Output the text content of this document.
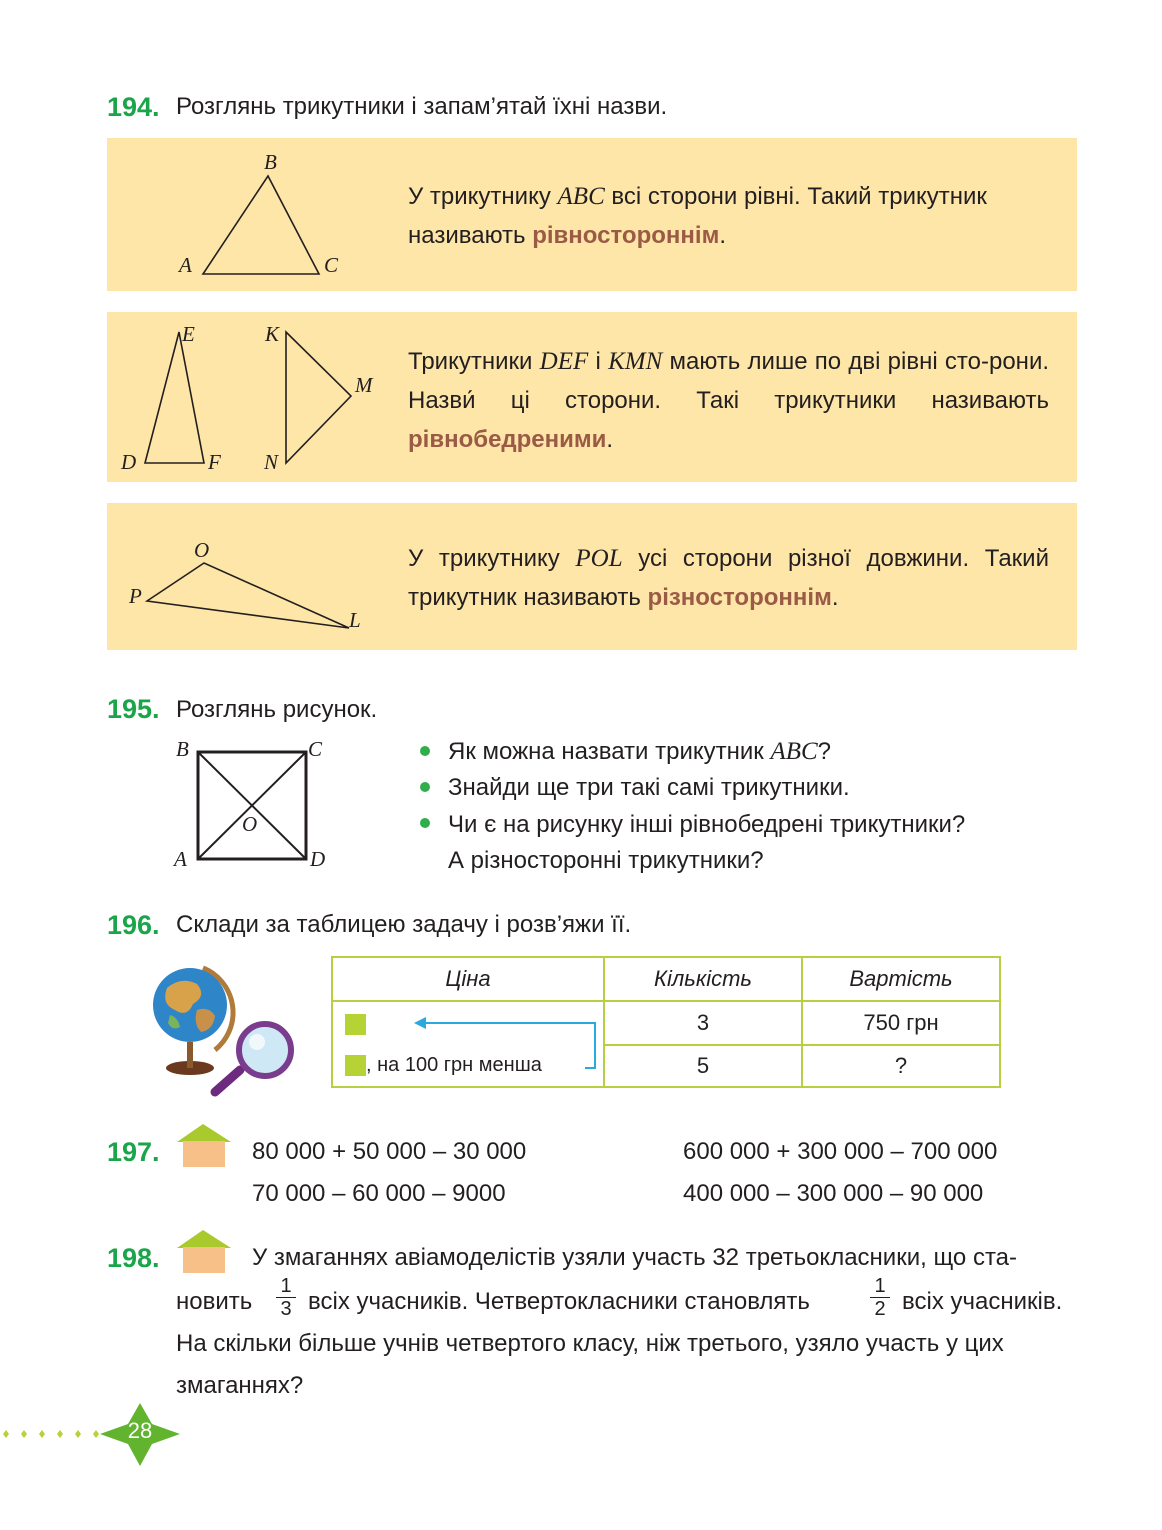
194. Розглянь трикутники і запам’ятай їхні назви.
B
A	C
У трикутнику ABC всі сторони рівні. Такий трикутник
називають рівностороннім.
E
D	F
K
M
N
Трикутники DEF і KMN мають лише по дві рівні сто-рони. Назви́ ці сторони. Такі трикутники називають рівнобедреними.
O
P
L
У трикутнику POL усі сторони різної довжини. Такий трикутник називають різностороннім.
195. Розглянь рисунок.
B	C
A	D
O
Як можна назвати трикутник ABC?
Знайди ще три такі самі трикутники.
Чи є на рисунку інші рівнобедрені трикутники?
А різносторонні трикутники?
196. Склади за таблицею задачу і розв’яжи її.
Ціна	Кількість	Вартість
	3	750 грн
, на 100 грн менша	5	?
197.	80 000 + 50 000 – 30 000
70 000 – 60 000 – 9000
600 000 + 300 000 – 700 000
400 000 – 300 000 – 90 000
198.	У змаганнях авіамоделістів узяли участь 32 третьокласники, що ста-
новить
1
3 всіх учасників. Четвертокласники становлять
1
2 всіх учасників.
На скільки більше учнів четвертого класу, ніж третього, узяло участь у цих
змаганнях?
28
